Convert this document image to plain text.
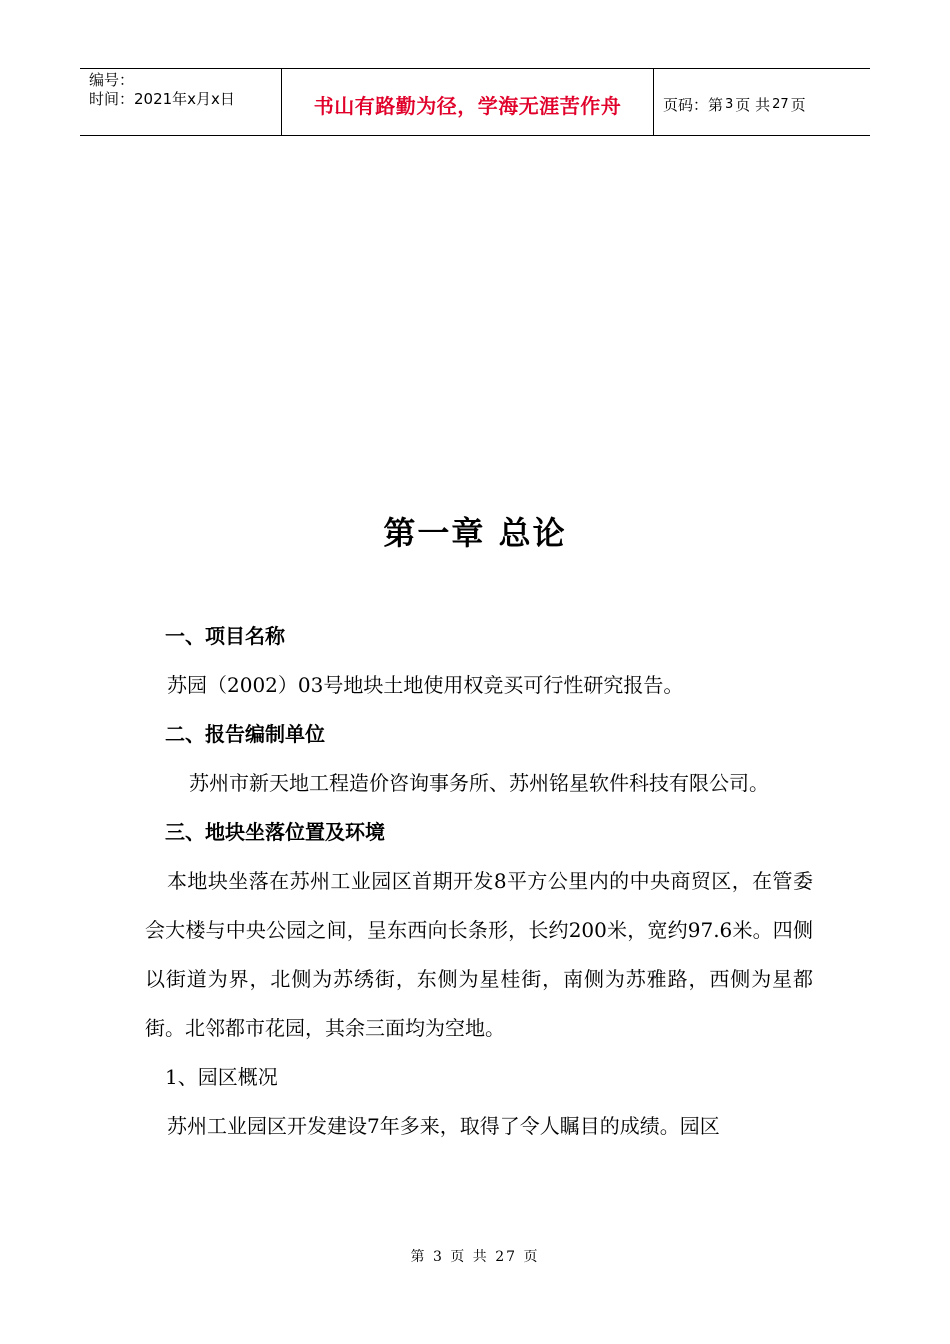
编号：
时间：2021年x月x日	书山有路勤为径，学海无涯苦作舟	页码：第 3 页 共 27 页
第一章 总论
一、项目名称

苏园（2002）03号地块土地使用权竞买可行性研究报告。

二、报告编制单位

苏州市新天地工程造价咨询事务所、苏州铭星软件科技有限公司。

三、地块坐落位置及环境

本地块坐落在苏州工业园区首期开发8平方公里内的中央商贸区，在管委会大楼与中央公园之间，呈东西向长条形，长约200米，宽约97.6米。四侧以街道为界，北侧为苏绣街，东侧为星桂街，南侧为苏雅路，西侧为星都街。北邻都市花园，其余三面均为空地。

1、园区概况

苏州工业园区开发建设7年多来，取得了令人瞩目的成绩。园区

第 3 页 共 27 页
